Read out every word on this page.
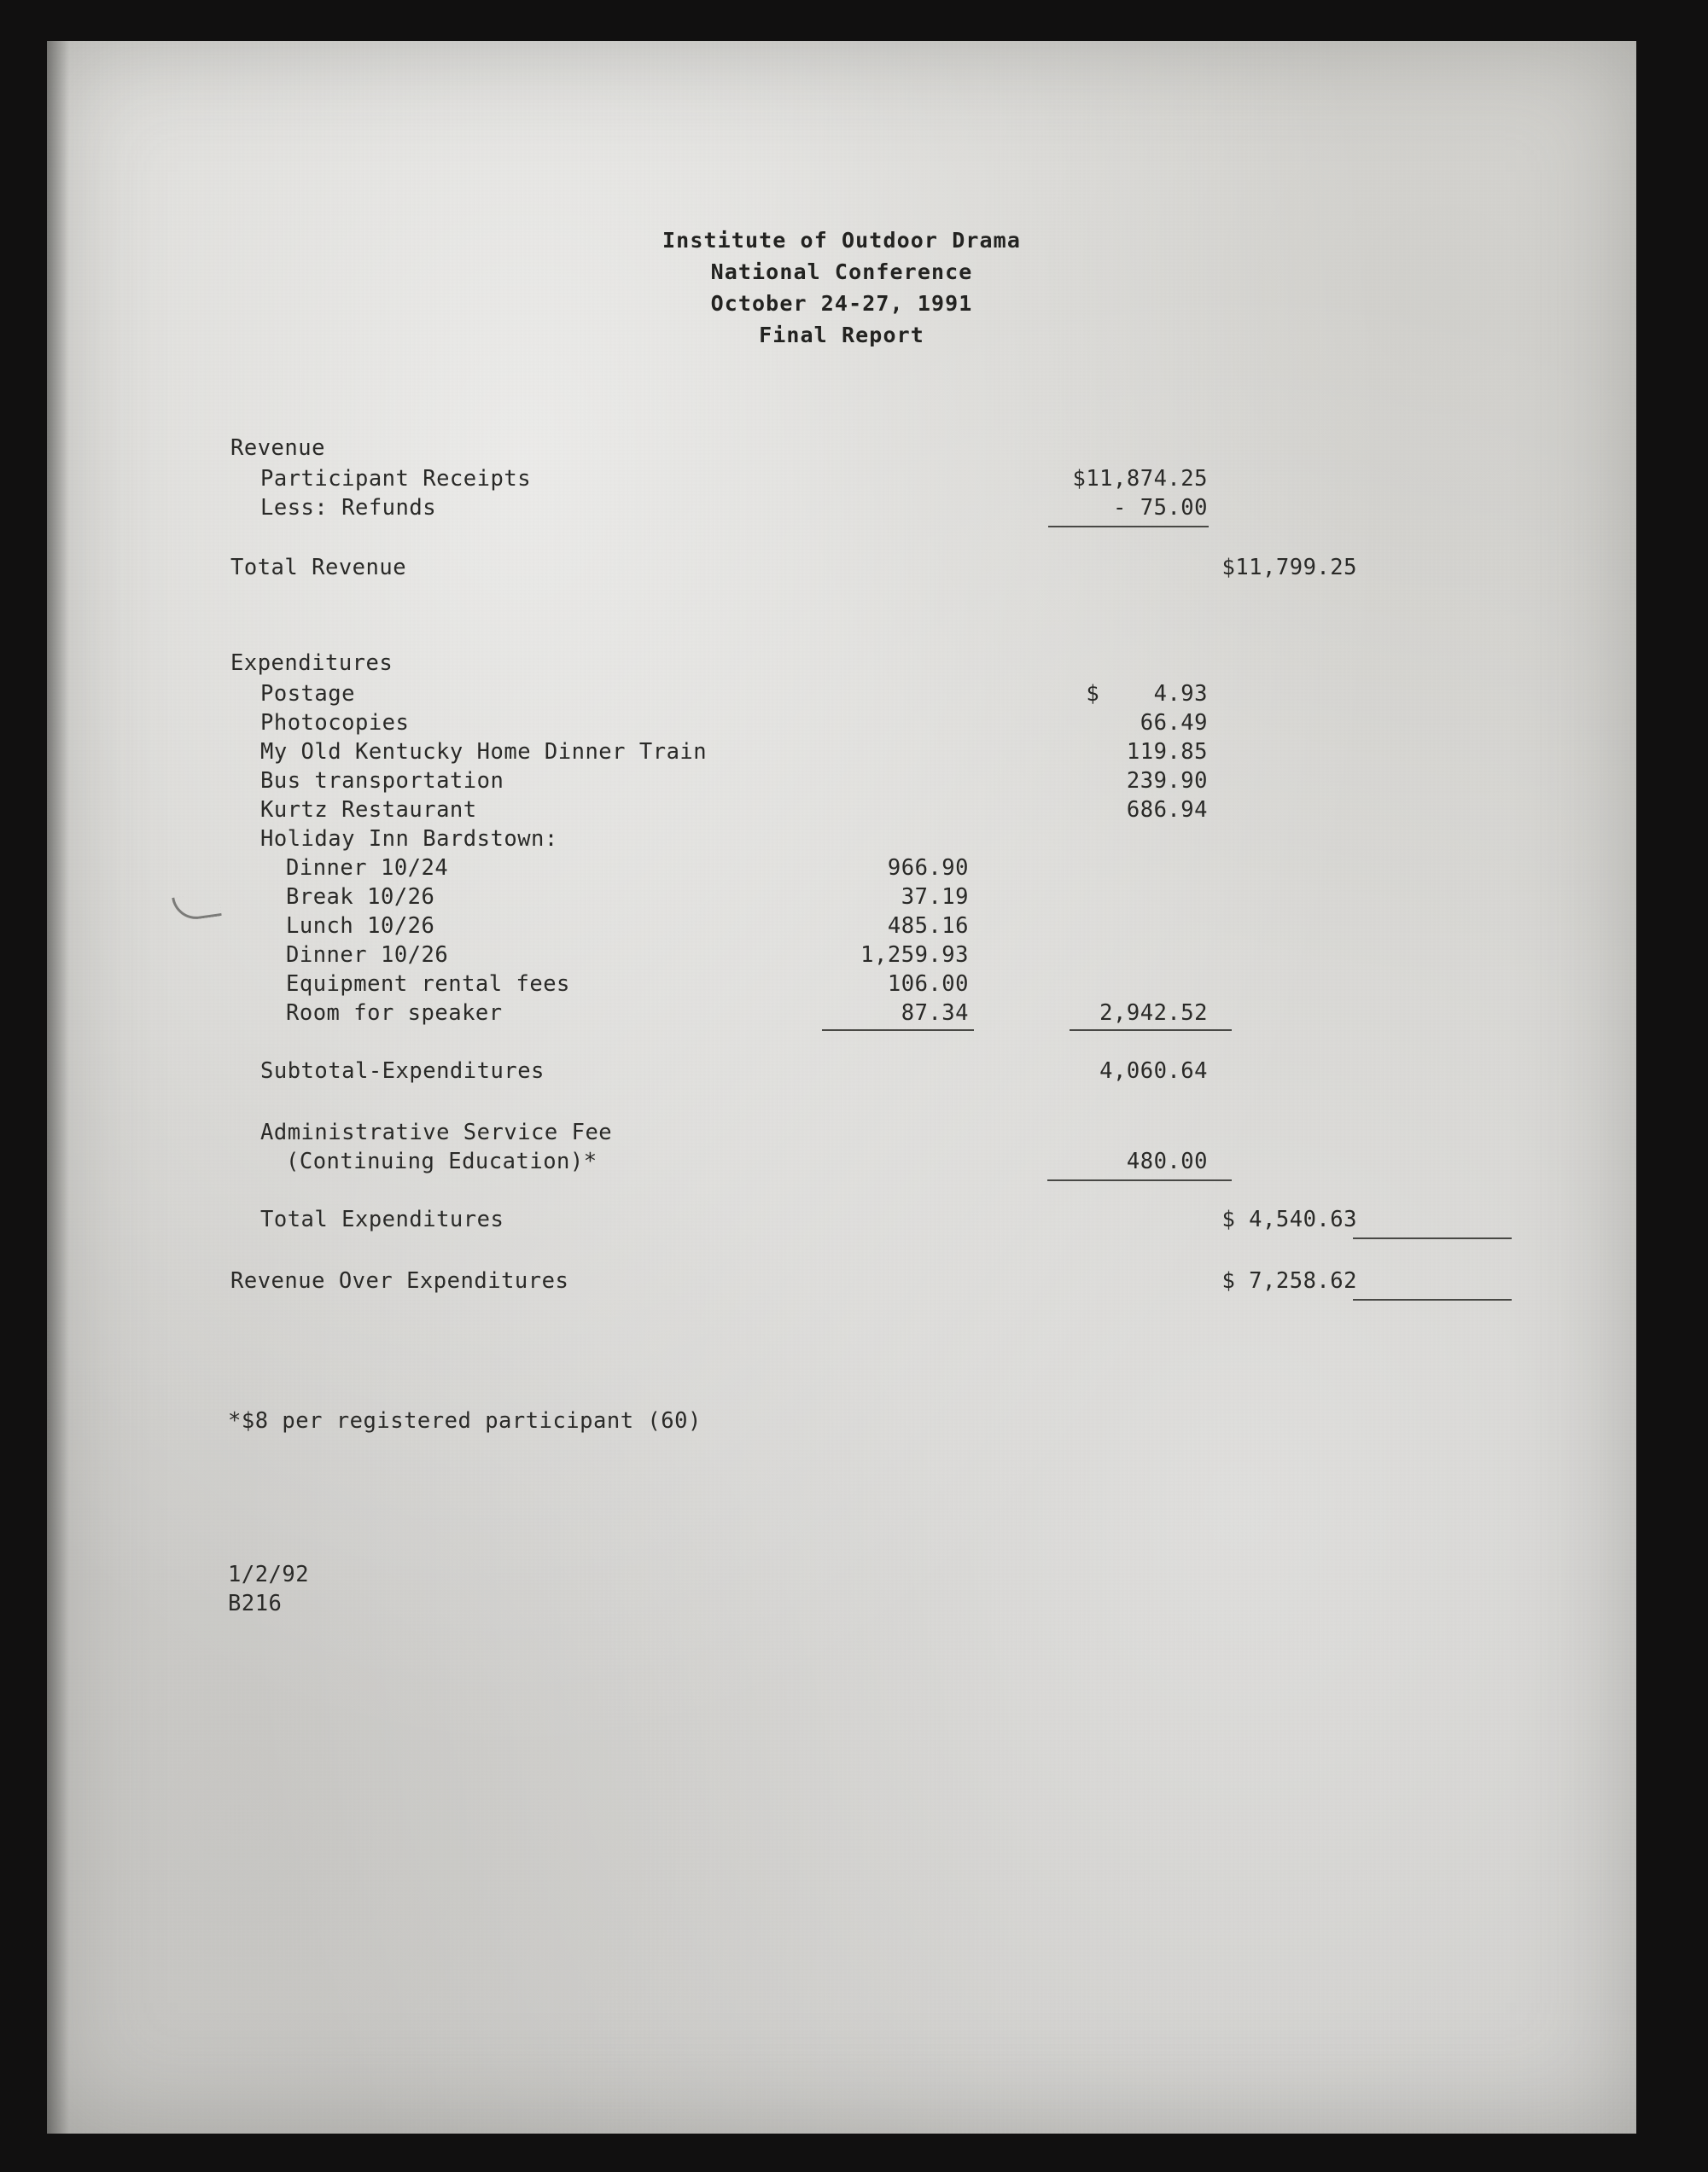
Institute of Outdoor Drama
National Conference
October 24-27, 1991
Final Report
Revenue
Participant Receipts	$11,874.25
Less: Refunds	- 75.00
Total Revenue	$11,799.25
Expenditures
Postage	$    4.93
Photocopies	66.49
My Old Kentucky Home Dinner Train	119.85
Bus transportation	239.90
Kurtz Restaurant	686.94
Holiday Inn Bardstown:
Dinner 10/24	966.90
Break 10/26	37.19
Lunch 10/26	485.16
Dinner 10/26	1,259.93
Equipment rental fees	106.00
Room for speaker	87.34	2,942.52
Subtotal-Expenditures	4,060.64
Administrative Service Fee
(Continuing Education)*	480.00
Total Expenditures	$ 4,540.63
Revenue Over Expenditures	$ 7,258.62
*$8 per registered participant (60)
1/2/92
B216
